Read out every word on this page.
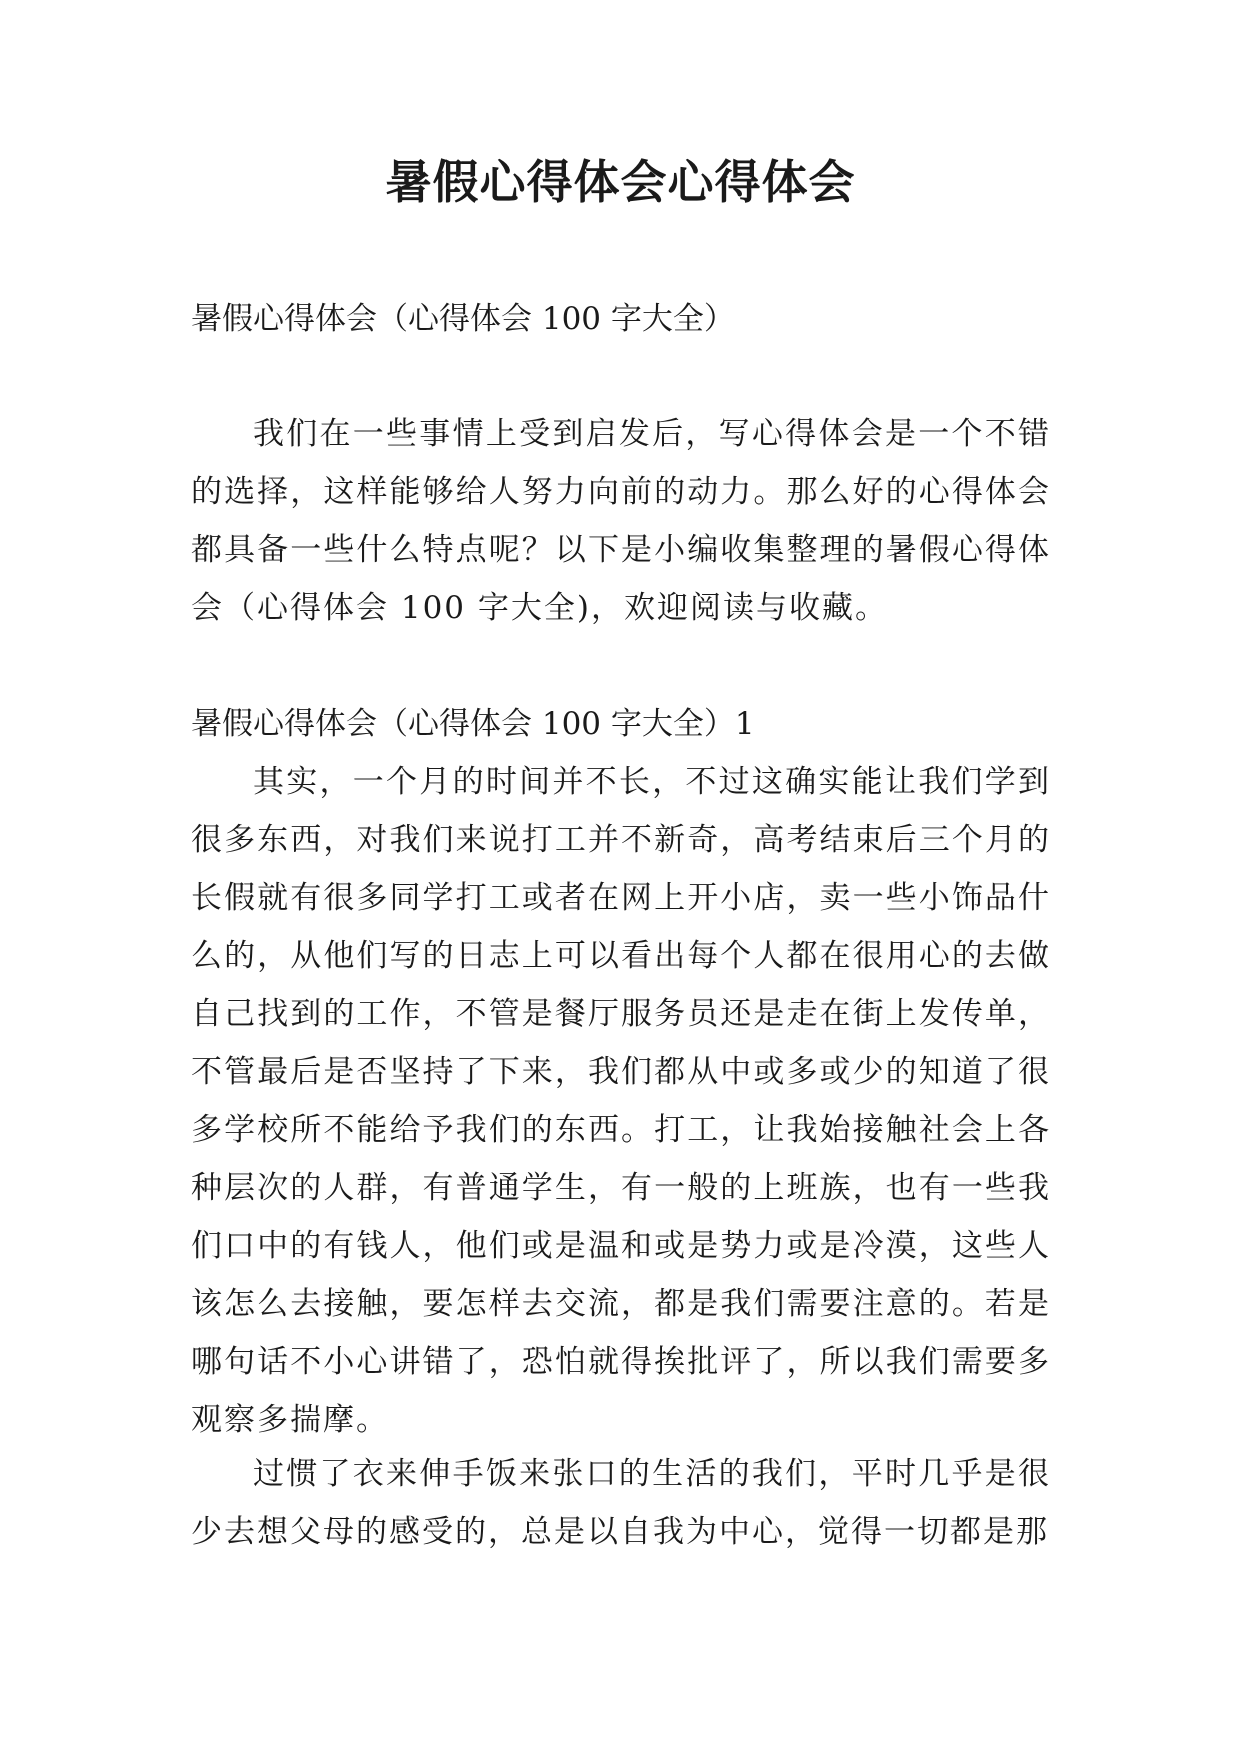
暑假心得体会心得体会

暑假心得体会（心得体会 100 字大全）

我们在一些事情上受到启发后，写心得体会是一个不错的选择，这样能够给人努力向前的动力。那么好的心得体会都具备一些什么特点呢？以下是小编收集整理的暑假心得体会（心得体会 100 字大全)，欢迎阅读与收藏。

暑假心得体会（心得体会 100 字大全）1

其实，一个月的时间并不长，不过这确实能让我们学到很多东西，对我们来说打工并不新奇，高考结束后三个月的长假就有很多同学打工或者在网上开小店，卖一些小饰品什么的，从他们写的日志上可以看出每个人都在很用心的去做自己找到的工作，不管是餐厅服务员还是走在街上发传单，不管最后是否坚持了下来，我们都从中或多或少的知道了很多学校所不能给予我们的东西。打工，让我始接触社会上各种层次的人群，有普通学生，有一般的上班族，也有一些我们口中的有钱人，他们或是温和或是势力或是冷漠，这些人该怎么去接触，要怎样去交流，都是我们需要注意的。若是哪句话不小心讲错了，恐怕就得挨批评了，所以我们需要多观察多揣摩。

过惯了衣来伸手饭来张口的生活的我们，平时几乎是很少去想父母的感受的，总是以自我为中心，觉得一切都是那
